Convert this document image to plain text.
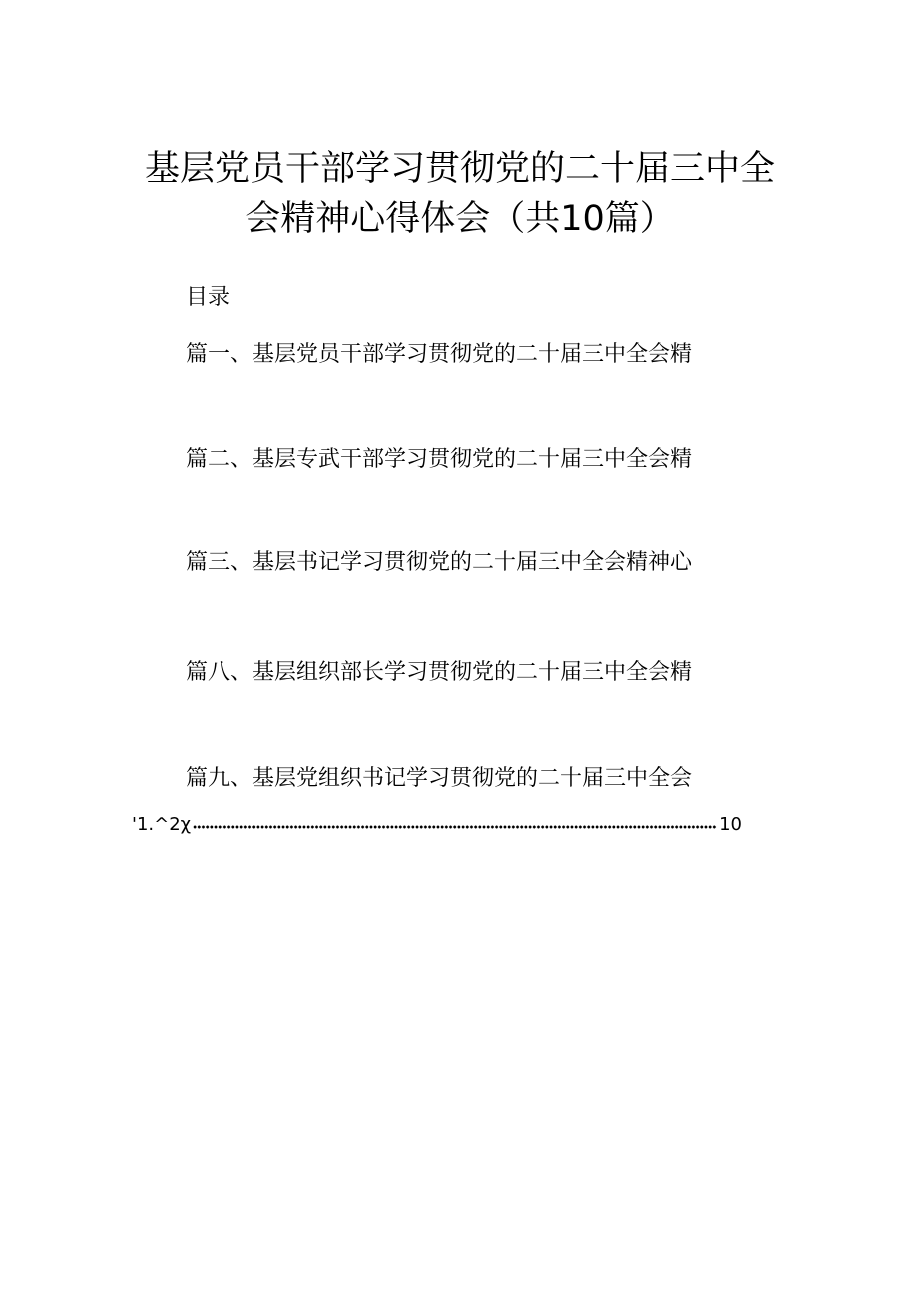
基层党员干部学习贯彻党的二十届三中全
会精神心得体会（共10篇）
目录
篇一、基层党员干部学习贯彻党的二十届三中全会精
篇二、基层专武干部学习贯彻党的二十届三中全会精
篇三、基层书记学习贯彻党的二十届三中全会精神心
篇八、基层组织部长学习贯彻党的二十届三中全会精
篇九、基层党组织书记学习贯彻党的二十届三中全会
'1.^2χ	10
